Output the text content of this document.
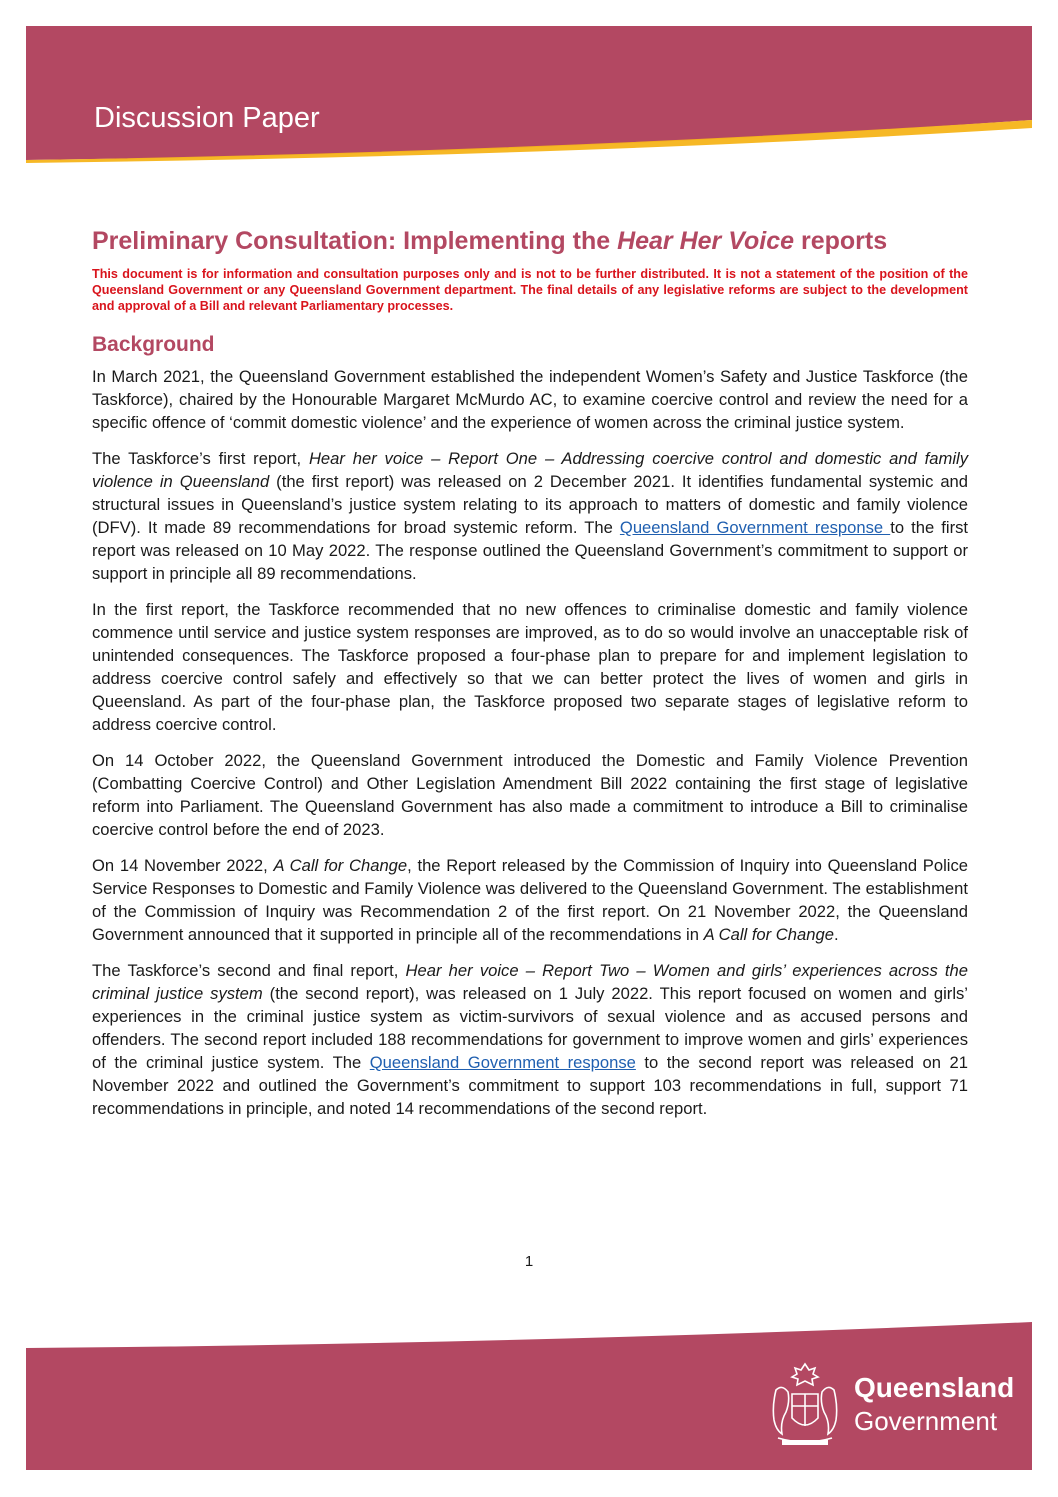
Discussion Paper
Preliminary Consultation: Implementing the Hear Her Voice reports

This document is for information and consultation purposes only and is not to be further distributed. It is not a statement of the position of the Queensland Government or any Queensland Government department. The final details of any legislative reforms are subject to the development and approval of a Bill and relevant Parliamentary processes.

Background

In March 2021, the Queensland Government established the independent Women’s Safety and Justice Taskforce (the Taskforce), chaired by the Honourable Margaret McMurdo AC, to examine coercive control and review the need for a specific offence of ‘commit domestic violence’ and the experience of women across the criminal justice system.

The Taskforce’s first report, Hear her voice – Report One – Addressing coercive control and domestic and family violence in Queensland (the first report) was released on 2 December 2021. It identifies fundamental systemic and structural issues in Queensland’s justice system relating to its approach to matters of domestic and family violence (DFV). It made 89 recommendations for broad systemic reform. The Queensland Government response to the first report was released on 10 May 2022. The response outlined the Queensland Government’s commitment to support or support in principle all 89 recommendations.

In the first report, the Taskforce recommended that no new offences to criminalise domestic and family violence commence until service and justice system responses are improved, as to do so would involve an unacceptable risk of unintended consequences. The Taskforce proposed a four-phase plan to prepare for and implement legislation to address coercive control safely and effectively so that we can better protect the lives of women and girls in Queensland. As part of the four-phase plan, the Taskforce proposed two separate stages of legislative reform to address coercive control.

On 14 October 2022, the Queensland Government introduced the Domestic and Family Violence Prevention (Combatting Coercive Control) and Other Legislation Amendment Bill 2022 containing the first stage of legislative reform into Parliament. The Queensland Government has also made a commitment to introduce a Bill to criminalise coercive control before the end of 2023.

On 14 November 2022, A Call for Change, the Report released by the Commission of Inquiry into Queensland Police Service Responses to Domestic and Family Violence was delivered to the Queensland Government. The establishment of the Commission of Inquiry was Recommendation 2 of the first report. On 21 November 2022, the Queensland Government announced that it supported in principle all of the recommendations in A Call for Change.

The Taskforce’s second and final report, Hear her voice – Report Two – Women and girls’ experiences across the criminal justice system (the second report), was released on 1 July 2022. This report focused on women and girls’ experiences in the criminal justice system as victim-survivors of sexual violence and as accused persons and offenders. The second report included 188 recommendations for government to improve women and girls’ experiences of the criminal justice system. The Queensland Government response to the second report was released on 21 November 2022 and outlined the Government’s commitment to support 103 recommendations in full, support 71 recommendations in principle, and noted 14 recommendations of the second report.

1
Queensland
Government
